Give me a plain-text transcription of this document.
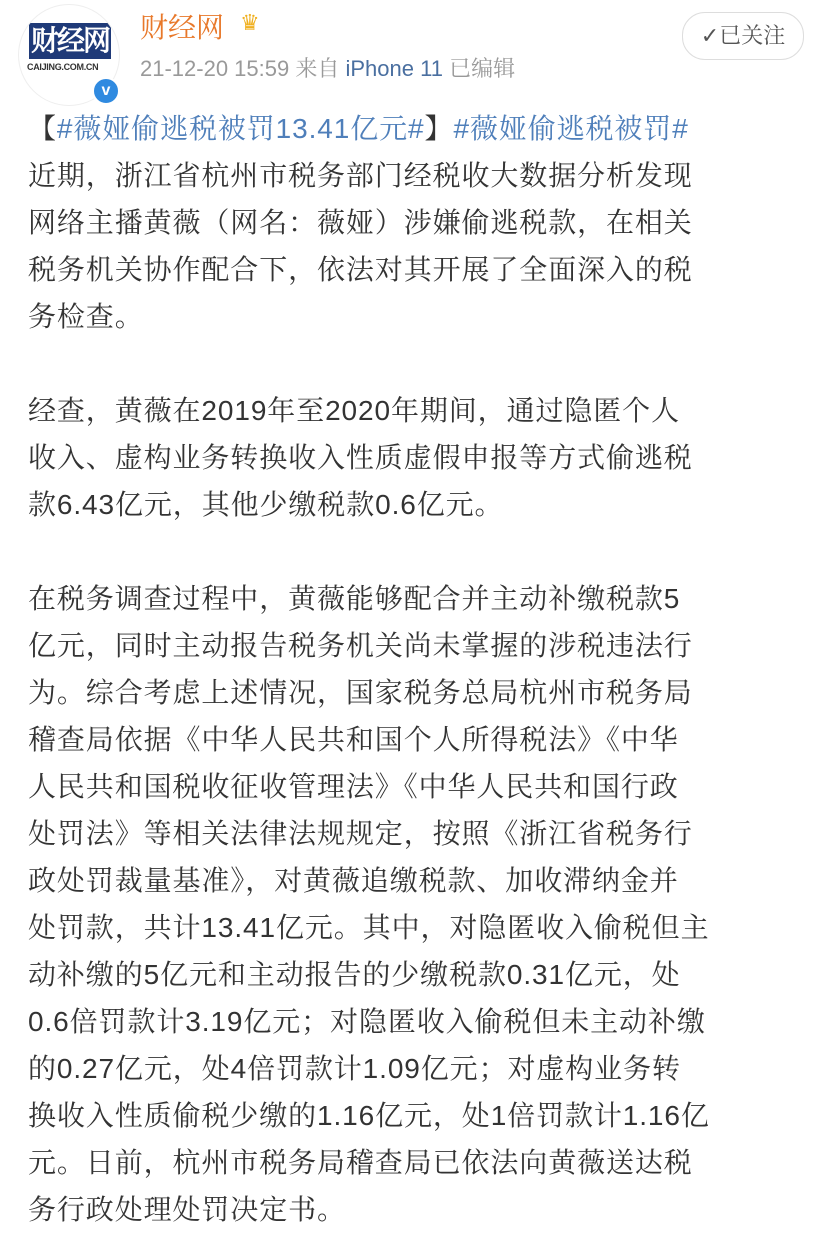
财经网
CAIJING.COM.CN
v
财经网 ♛
21-12-20 15:59 来自 iPhone 11 已编辑
✓已关注
【#薇娅偷逃税被罚13.41亿元#】#薇娅偷逃税被罚#
近期，浙江省杭州市税务部门经税收大数据分析发现
网络主播黄薇（网名：薇娅）涉嫌偷逃税款，在相关
税务机关协作配合下，依法对其开展了全面深入的税
务检查。
经查，黄薇在2019年至2020年期间，通过隐匿个人
收入、虚构业务转换收入性质虚假申报等方式偷逃税
款6.43亿元，其他少缴税款0.6亿元。
在税务调查过程中，黄薇能够配合并主动补缴税款5
亿元，同时主动报告税务机关尚未掌握的涉税违法行
为。综合考虑上述情况，国家税务总局杭州市税务局
稽查局依据《中华人民共和国个人所得税法》《中华
人民共和国税收征收管理法》《中华人民共和国行政
处罚法》等相关法律法规规定，按照《浙江省税务行
政处罚裁量基准》，对黄薇追缴税款、加收滞纳金并
处罚款，共计13.41亿元。其中，对隐匿收入偷税但主
动补缴的5亿元和主动报告的少缴税款0.31亿元，处
0.6倍罚款计3.19亿元；对隐匿收入偷税但未主动补缴
的0.27亿元，处4倍罚款计1.09亿元；对虚构业务转
换收入性质偷税少缴的1.16亿元，处1倍罚款计1.16亿
元。日前，杭州市税务局稽查局已依法向黄薇送达税
务行政处理处罚决定书。
